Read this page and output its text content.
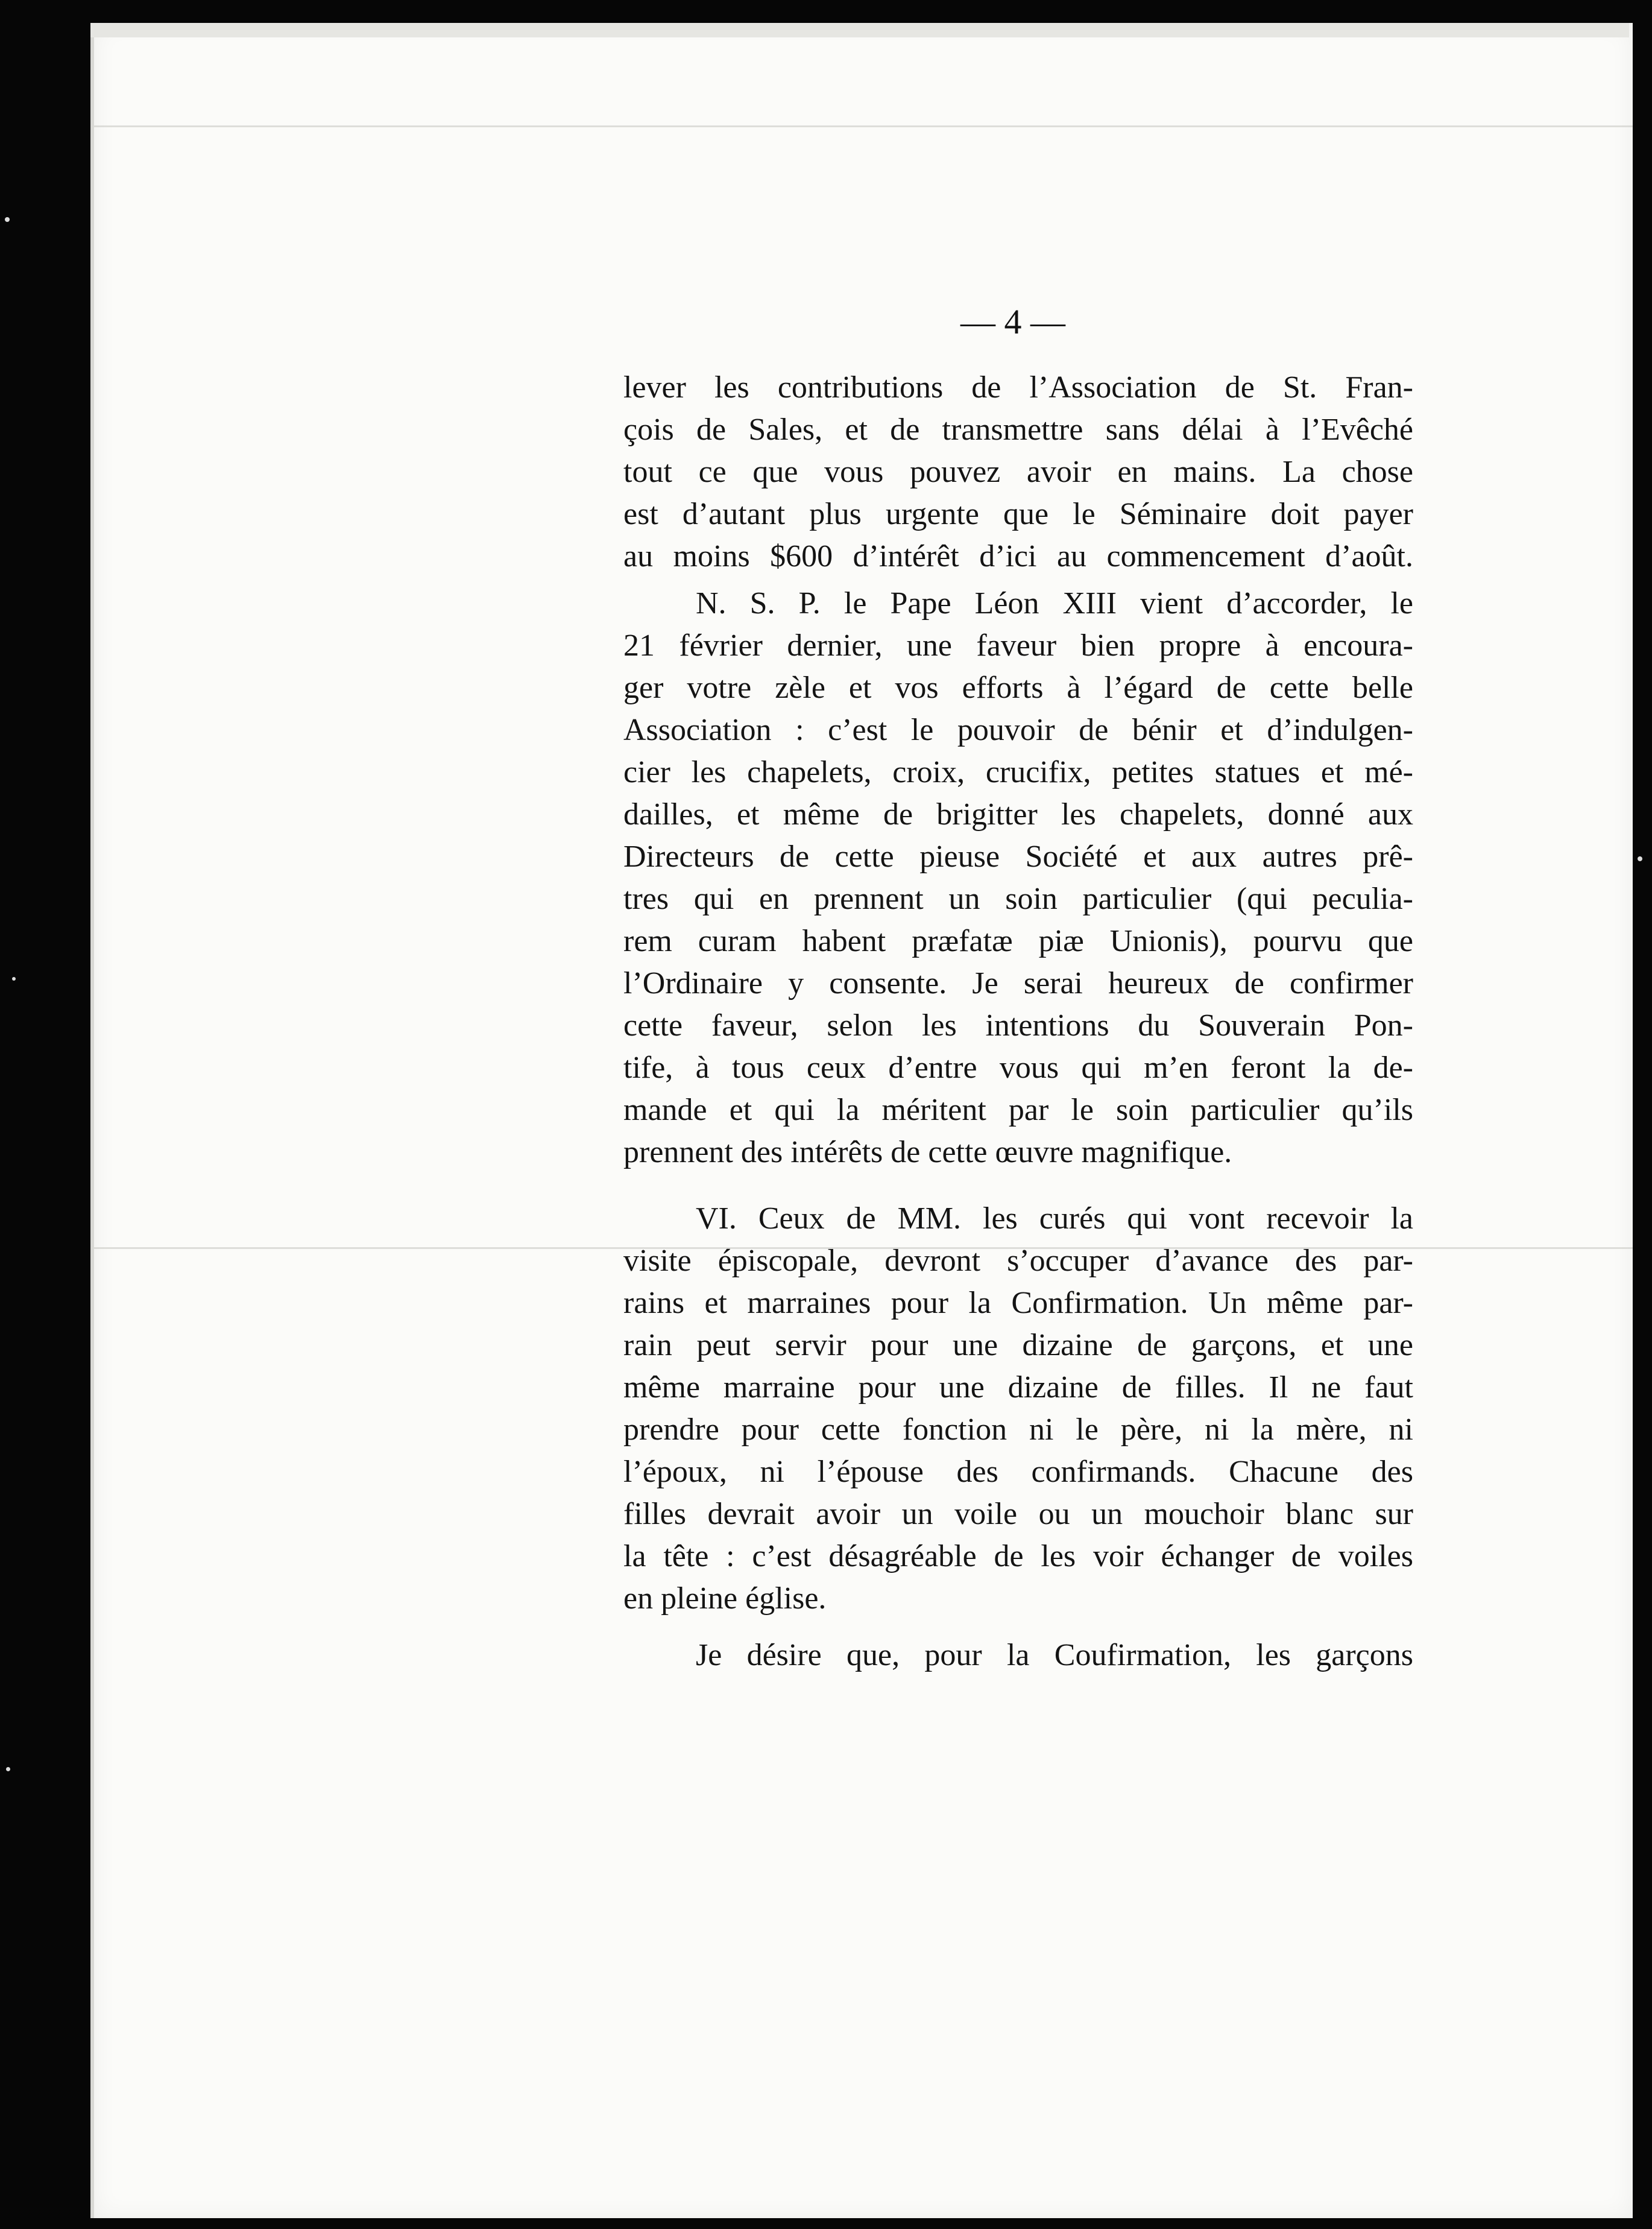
— 4 —
lever les contributions de l’Association de St. Fran-
çois de Sales, et de transmettre sans délai à l’Evêché
tout ce que vous pouvez avoir en mains. La chose
est d’autant plus urgente que le Séminaire doit payer
au moins $600 d’intérêt d’ici au commencement d’août.
N. S. P. le Pape Léon XIII vient d’accorder, le
21 février dernier, une faveur bien propre à encoura-
ger votre zèle et vos efforts à l’égard de cette belle
Association : c’est le pouvoir de bénir et d’indulgen-
cier les chapelets, croix, crucifix, petites statues et mé-
dailles, et même de brigitter les chapelets, donné aux
Directeurs de cette pieuse Société et aux autres prê-
tres qui en prennent un soin particulier (qui peculia-
rem curam habent præfatæ piæ Unionis), pourvu que
l’Ordinaire y consente. Je serai heureux de confirmer
cette faveur, selon les intentions du Souverain Pon-
tife, à tous ceux d’entre vous qui m’en feront la de-
mande et qui la méritent par le soin particulier qu’ils
prennent des intérêts de cette œuvre magnifique.
VI. Ceux de MM. les curés qui vont recevoir la
visite épiscopale, devront s’occuper d’avance des par-
rains et marraines pour la Confirmation. Un même par-
rain peut servir pour une dizaine de garçons, et une
même marraine pour une dizaine de filles. Il ne faut
prendre pour cette fonction ni le père, ni la mère, ni
l’époux, ni l’épouse des confirmands. Chacune des
filles devrait avoir un voile ou un mouchoir blanc sur
la tête : c’est désagréable de les voir échanger de voiles
en pleine église.
Je désire que, pour la Coufirmation, les garçons
